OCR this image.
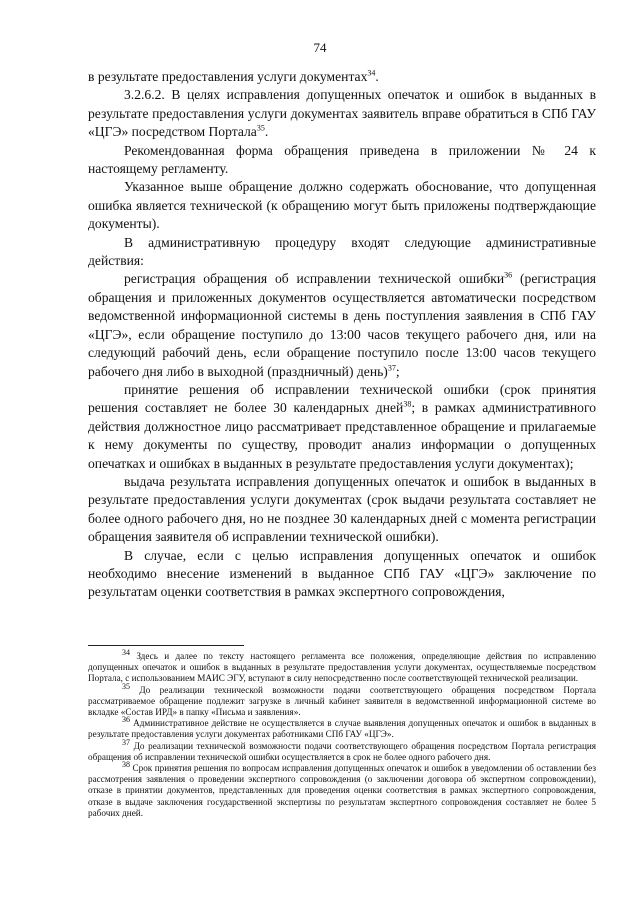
74

в результате предоставления услуги документах$^{34}$.

3.2.6.2. В целях исправления допущенных опечаток и ошибок в выданных в результате предоставления услуги документах заявитель вправе обратиться в СПб ГАУ «ЦГЭ» посредством Портала$^{35}$.

Рекомендованная форма обращения приведена в приложении № 24 к настоящему регламенту.

Указанное выше обращение должно содержать обоснование, что допущенная ошибка является технической (к обращению могут быть приложены подтверждающие документы).

В административную процедуру входят следующие административные действия:

регистрация обращения об исправлении технической ошибки$^{36}$ (регистрация обращения и приложенных документов осуществляется автоматически посредством ведомственной информационной системы в день поступления заявления в СПб ГАУ «ЦГЭ», если обращение поступило до 13:00 часов текущего рабочего дня, или на следующий рабочий день, если обращение поступило после 13:00 часов текущего рабочего дня либо в выходной (праздничный) день)$^{37}$;

принятие решения об исправлении технической ошибки (срок принятия решения составляет не более 30 календарных дней$^{38}$; в рамках административного действия должностное лицо рассматривает представленное обращение и прилагаемые к нему документы по существу, проводит анализ информации о допущенных опечатках и ошибках в выданных в результате предоставления услуги документах);

выдача результата исправления допущенных опечаток и ошибок в выданных в результате предоставления услуги документах (срок выдачи результата составляет не более одного рабочего дня, но не позднее 30 календарных дней с момента регистрации обращения заявителя об исправлении технической ошибки).

В случае, если с целью исправления допущенных опечаток и ошибок необходимо внесение изменений в выданное СПб ГАУ «ЦГЭ» заключение по результатам оценки соответствия в рамках экспертного сопровождения,

$^{34}$ Здесь и далее по тексту настоящего регламента все положения, определяющие действия по исправлению допущенных опечаток и ошибок в выданных в результате предоставления услуги документах, осуществляемые посредством Портала, с использованием МАИС ЭГУ, вступают в силу непосредственно после соответствующей технической реализации.

$^{35}$ До реализации технической возможности подачи соответствующего обращения посредством Портала рассматриваемое обращение подлежит загрузке в личный кабинет заявителя в ведомственной информационной системе во вкладке «Состав ИРД» в папку «Письма и заявления».

$^{36}$ Административное действие не осуществляется в случае выявления допущенных опечаток и ошибок в выданных в результате предоставления услуги документах работниками СПб ГАУ «ЦГЭ».

$^{37}$ До реализации технической возможности подачи соответствующего обращения посредством Портала регистрация обращения об исправлении технической ошибки осуществляется в срок не более одного рабочего дня.

$^{38}$ Срок принятия решения по вопросам исправления допущенных опечаток и ошибок в уведомлении об оставлении без рассмотрения заявления о проведении экспертного сопровождения (о заключении договора об экспертном сопровождении), отказе в принятии документов, представленных для проведения оценки соответствия в рамках экспертного сопровождения, отказе в выдаче заключения государственной экспертизы по результатам экспертного сопровождения составляет не более 5 рабочих дней.
